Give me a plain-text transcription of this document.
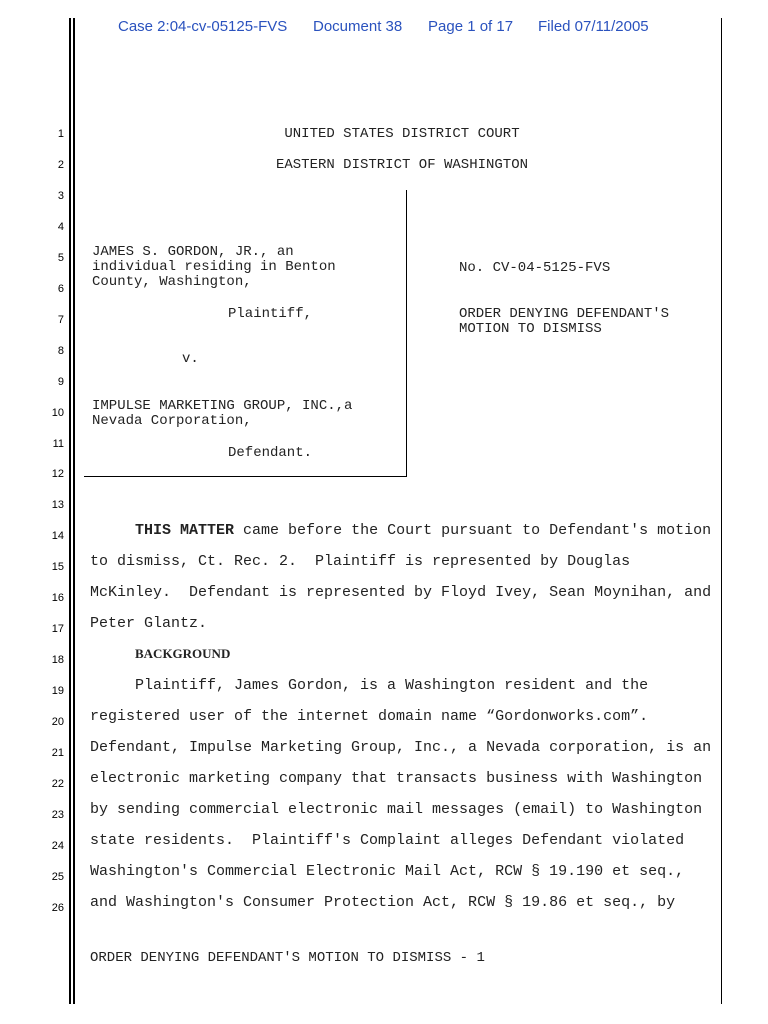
Case 2:04-cv-05125-FVS Document 38 Page 1 of 17 Filed 07/11/2005
1
2
3
4
5
6
7
8
9
10
11
12
13
14
15
16
17
18
19
20
21
22
23
24
25
26
UNITED STATES DISTRICT COURT
EASTERN DISTRICT OF WASHINGTON
JAMES S. GORDON, JR., an
individual residing in Benton
County, Washington,
Plaintiff,
v.
IMPULSE MARKETING GROUP, INC.,a
Nevada Corporation,
Defendant.
No. CV-04-5125-FVS
ORDER DENYING DEFENDANT'S
MOTION TO DISMISS
THIS MATTER came before the Court pursuant to Defendant's motion
to dismiss, Ct. Rec. 2.  Plaintiff is represented by Douglas
McKinley.  Defendant is represented by Floyd Ivey, Sean Moynihan, and
Peter Glantz.
BACKGROUND
Plaintiff, James Gordon, is a Washington resident and the
registered user of the internet domain name “Gordonworks.com”.
Defendant, Impulse Marketing Group, Inc., a Nevada corporation, is an
electronic marketing company that transacts business with Washington
by sending commercial electronic mail messages (email) to Washington
state residents.  Plaintiff's Complaint alleges Defendant violated
Washington's Commercial Electronic Mail Act, RCW § 19.190 et seq.,
and Washington's Consumer Protection Act, RCW § 19.86 et seq., by
ORDER DENYING DEFENDANT'S MOTION TO DISMISS - 1
